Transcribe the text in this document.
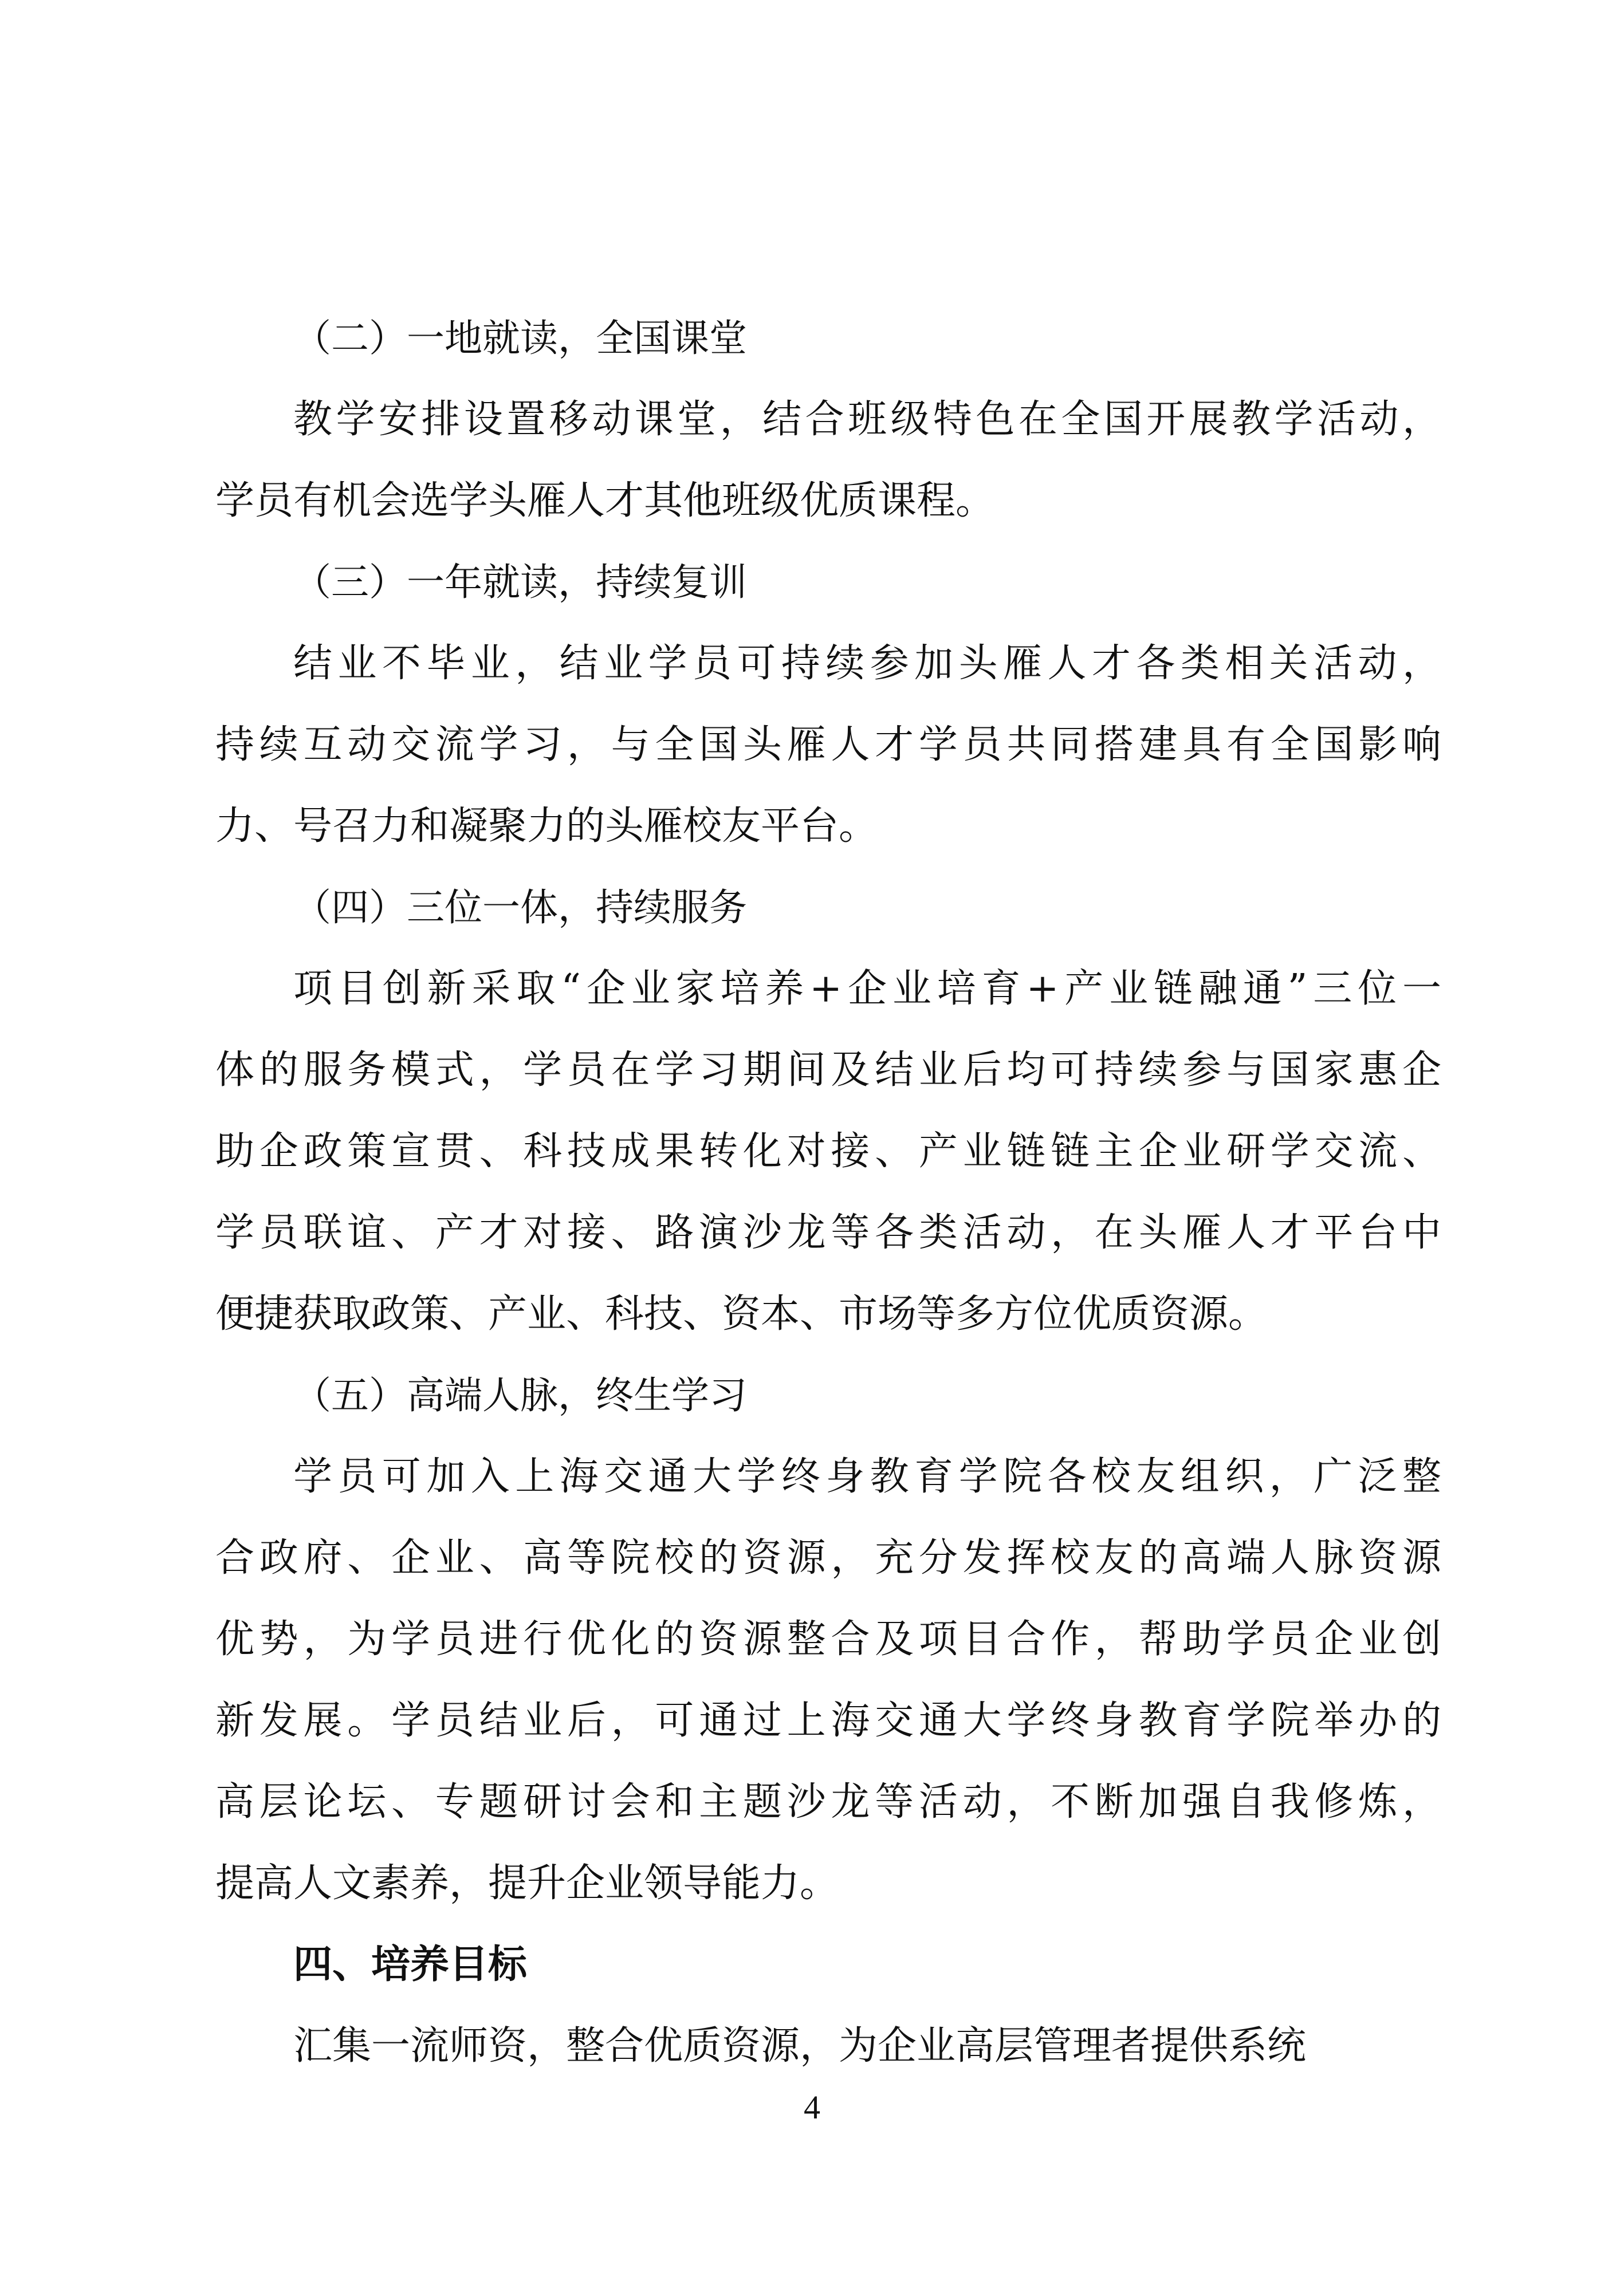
（二）一地就读，全国课堂
教学安排设置移动课堂，结合班级特色在全国开展教学活动，
学员有机会选学头雁人才其他班级优质课程。
（三）一年就读，持续复训
结业不毕业，结业学员可持续参加头雁人才各类相关活动，
持续互动交流学习，与全国头雁人才学员共同搭建具有全国影响
力、号召力和凝聚力的头雁校友平台。
（四）三位一体，持续服务
项目创新采取“企业家培养+企业培育+产业链融通”三位一
体的服务模式，学员在学习期间及结业后均可持续参与国家惠企
助企政策宣贯、科技成果转化对接、产业链链主企业研学交流、
学员联谊、产才对接、路演沙龙等各类活动，在头雁人才平台中
便捷获取政策、产业、科技、资本、市场等多方位优质资源。
（五）高端人脉，终生学习
学员可加入上海交通大学终身教育学院各校友组织，广泛整
合政府、企业、高等院校的资源，充分发挥校友的高端人脉资源
优势，为学员进行优化的资源整合及项目合作，帮助学员企业创
新发展。学员结业后，可通过上海交通大学终身教育学院举办的
高层论坛、专题研讨会和主题沙龙等活动，不断加强自我修炼，
提高人文素养，提升企业领导能力。
四、培养目标
汇集一流师资，整合优质资源，为企业高层管理者提供系统
4
